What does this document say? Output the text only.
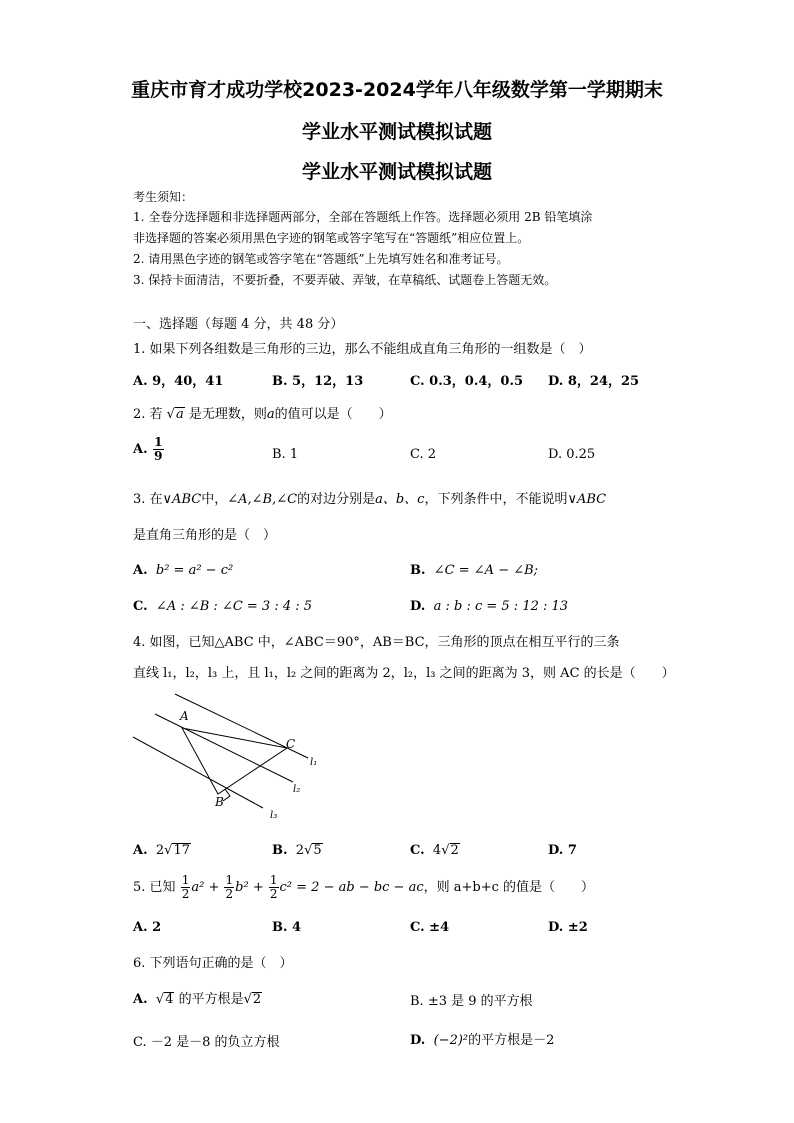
重庆市育才成功学校2023-2024学年八年级数学第一学期期末
学业水平测试模拟试题
学业水平测试模拟试题
考生须知：
1. 全卷分选择题和非选择题两部分，全部在答题纸上作答。选择题必须用 2B 铅笔填涂
非选择题的答案必须用黑色字迹的钢笔或答字笔写在“答题纸”相应位置上。
2. 请用黑色字迹的钢笔或答字笔在“答题纸”上先填写姓名和准考证号。
3. 保持卡面清洁，不要折叠，不要弄破、弄皱，在草稿纸、试题卷上答题无效。
一、选择题（每题 4 分，共 48 分）
1. 如果下列各组数是三角形的三边，那么不能组成直角三角形的一组数是（　）
A. 9，40，41	B. 5，12，13	C. 0.3，0.4，0.5 D. 8，24，25
2. 若 √a 是无理数，则a的值可以是（　　）
A. $\frac{1}{9}$	B. 1	C. 2	D. 0.25
3. 在∨ABC中，∠A,∠B,∠C的对边分别是a、b、c，下列条件中，不能说明∨ABC
是直角三角形的是（　）
A. b² = a² − c²	B. ∠C = ∠A − ∠B;
C. ∠A : ∠B : ∠C = 3 : 4 : 5	D. a : b : c = 5 : 12 : 13
4. 如图，已知△ABC 中，∠ABC＝90°，AB＝BC，三角形的顶点在相互平行的三条
直线 l₁，l₂，l₃ 上，且 l₁，l₂ 之间的距离为 2，l₂，l₃ 之间的距离为 3，则 AC 的长是（　　）
A
C
B
l₁
l₂
l₃
A. 2√17	B. 2√5	C. 4√2	D. 7
5. 已知 $\frac{1}{2} a^2 + \frac{1}{2} b^2 + \frac{1}{2} c^2 = 2$ − ab − bc − ac，则 a+b+c 的值是（　　）
A. 2	B. 4	C. ±4	D. ±2
6. 下列语句正确的是（　）
A.  √4 的平方根是√2	B. ±3 是 9 的平方根
C. －2 是－8 的负立方根	D. (−2)²的平方根是－2
